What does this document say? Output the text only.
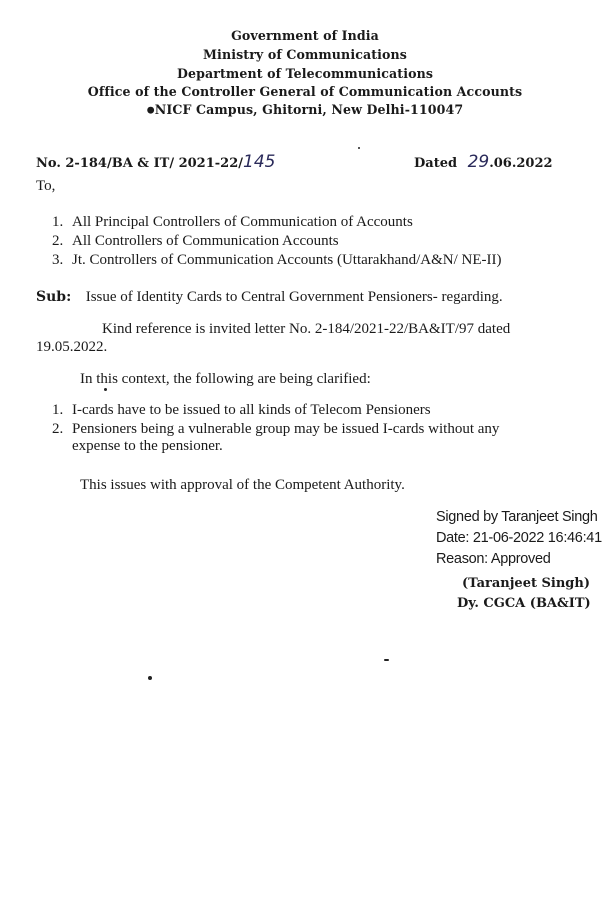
Government of India
Ministry of Communications
Department of Telecommunications
Office of the Controller General of Communication Accounts
●NICF Campus, Ghitorni, New Delhi-110047
No. 2-184/BA & IT/ 2021-22/145	Dated 29.06.2022
To,
1. All Principal Controllers of Communication of Accounts
2. All Controllers of Communication Accounts
3. Jt. Controllers of Communication Accounts (Uttarakhand/A&N/ NE-II)
Sub: Issue of Identity Cards to Central Government Pensioners- regarding.
Kind reference is invited letter No. 2-184/2021-22/BA&IT/97 dated
19.05.2022.
In this context, the following are being clarified:
1. I-cards have to be issued to all kinds of Telecom Pensioners
2. Pensioners being a vulnerable group may be issued I-cards without any
expense to the pensioner.
This issues with approval of the Competent Authority.
Signed by Taranjeet Singh
Date: 21-06-2022 16:46:41
Reason: Approved
(Taranjeet Singh)
Dy. CGCA (BA&IT)
